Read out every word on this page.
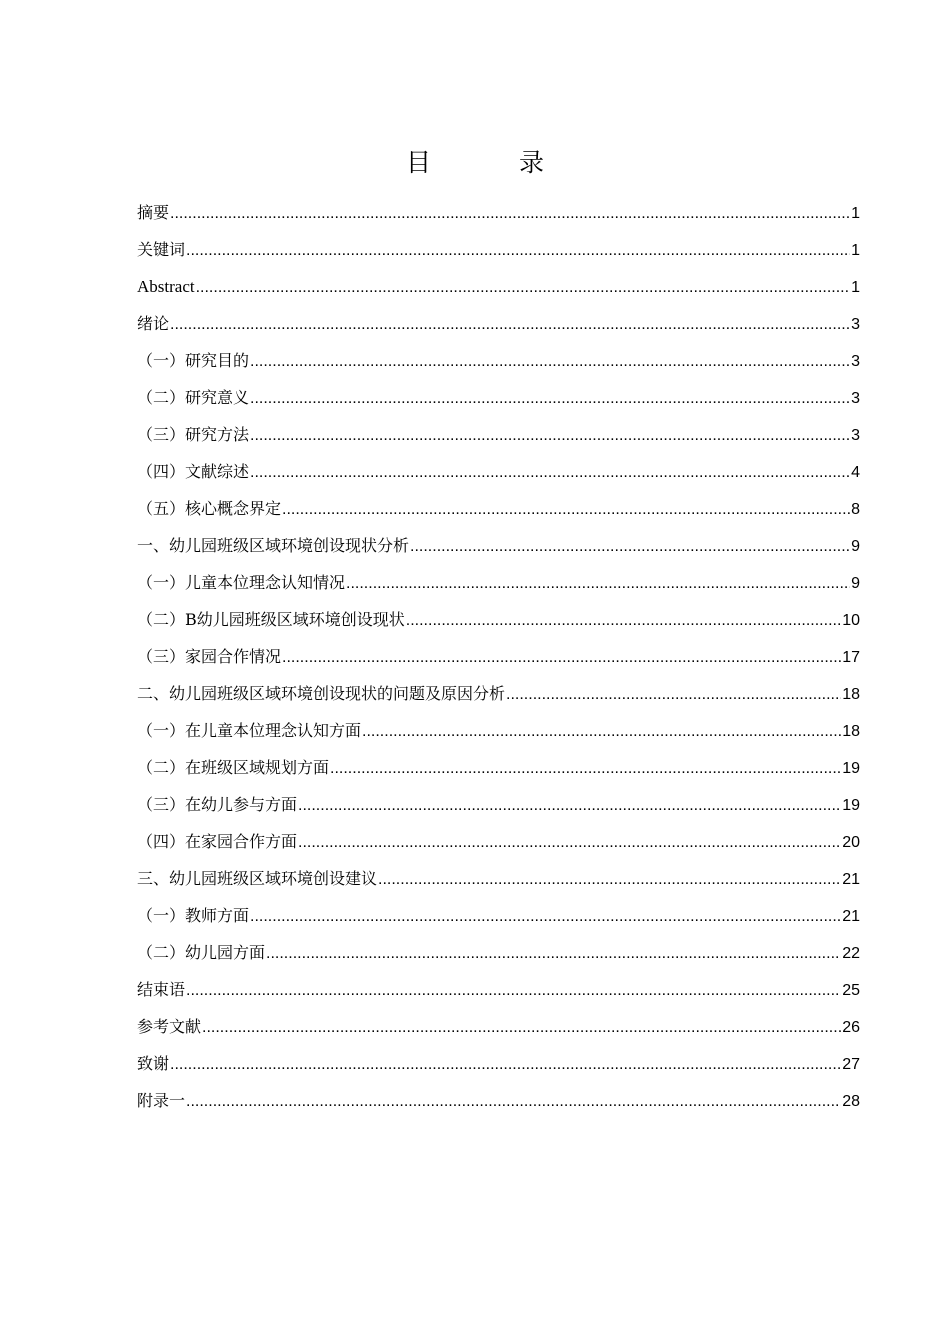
目 录
摘要 .....	1
关键词 .....	1
Abstract .....	1
绪论 .....	3
（一）研究目的 .....	3
（二）研究意义 .....	3
（三）研究方法 .....	3
（四）文献综述 .....	4
（五）核心概念界定 .....	8
一、幼儿园班级区域环境创设现状分析 .....	9
（一）儿童本位理念认知情况 .....	9
（二）B幼儿园班级区域环境创设现状 .....	10
（三）家园合作情况 .....	17
二、幼儿园班级区域环境创设现状的问题及原因分析 .....	18
（一）在儿童本位理念认知方面 .....	18
（二）在班级区域规划方面 .....	19
（三）在幼儿参与方面 .....	19
（四）在家园合作方面 .....	20
三、幼儿园班级区域环境创设建议 .....	21
（一）教师方面 .....	21
（二）幼儿园方面 .....	22
结束语 .....	25
参考文献 .....	26
致谢 .....	27
附录一 .....	28
